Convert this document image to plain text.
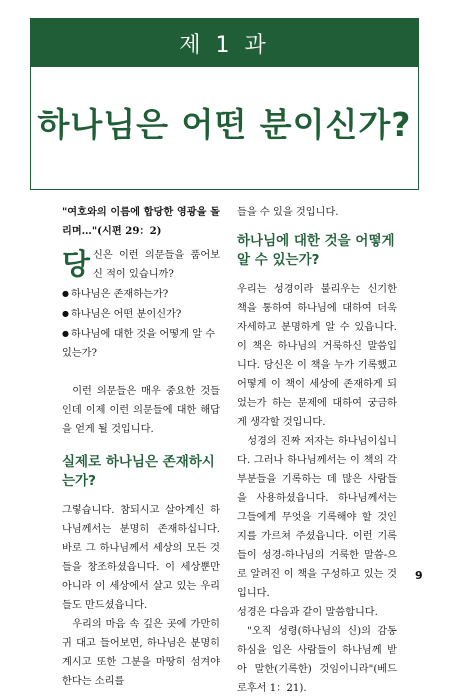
제 1 과
하나님은 어떤 분이신가?

"여호와의 이름에 합당한 영광을 돌리며…"(시편 29：2)

당신은 이런 의문들을 품어보신 적이 있습니까?

● 하나님은 존재하는가?
● 하나님은 어떤 분이신가?
● 하나님에 대한 것을 어떻게 알 수 있는가?

이런 의문들은 매우 중요한 것들인데 이제 이런 의문들에 대한 해답을 얻게 될 것입니다.

실제로 하나님은 존재하시는가?

그렇습니다. 참되시고 살아계신 하나님께서는 분명히 존재하십니다. 바로 그 하나님께서 세상의 모든 것들을 창조하셨읍니다. 이 세상뿐만 아니라 이 세상에서 살고 있는 우리들도 만드셨읍니다.

우리의 마음 속 깊은 곳에 가만히 귀 대고 들어보면, 하나님은 분명히 계시고 또한 그분을 마땅히 섬겨야 한다는 소리를

들을 수 있을 것입니다.

하나님에 대한 것을 어떻게 알 수 있는가?

우리는 성경이라 불리우는 신기한 책을 통하여 하나님에 대하여 더욱 자세하고 분명하게 알 수 있읍니다. 이 책은 하나님의 거룩하신 말씀입니다. 당신은 이 책을 누가 기록했고 어떻게 이 책이 세상에 존재하게 되었는가 하는 문제에 대하여 궁금하게 생각할 것입니다.

성경의 진짜 저자는 하나님이십니다. 그러나 하나님께서는 이 책의 각 부분들을 기록하는 데 많은 사람들을 사용하셨읍니다. 하나님께서는 그들에게 무엇을 기록해야 할 것인지를 가르쳐 주셨읍니다. 이런 기록들이 성경-하나님의 거룩한 말씀-으로 알려진 이 책을 구성하고 있는 것입니다.

성경은 다음과 같이 말씀합니다.

"오직 성령(하나님의 신)의 감동하심을 입은 사람들이 하나님께 받아 말한(기록한) 것임이니라"(베드로후서 1：21).

9
